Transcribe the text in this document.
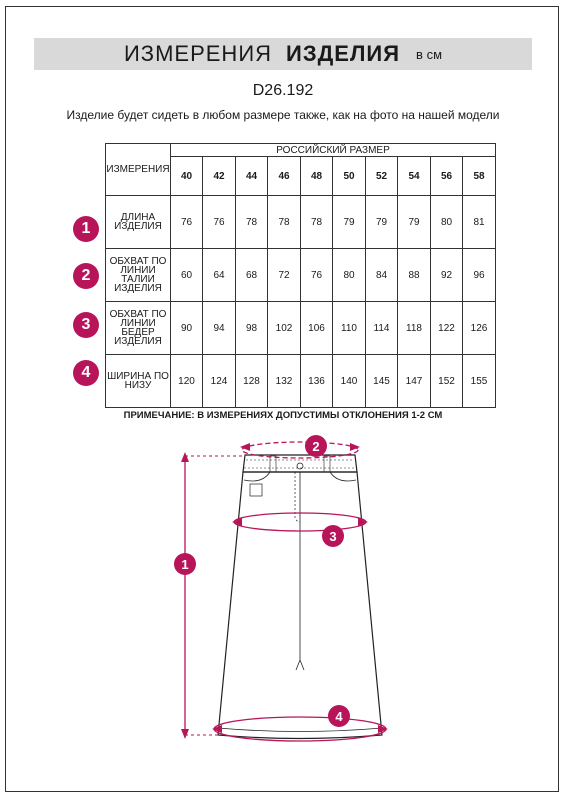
ИЗМЕРЕНИЯ ИЗДЕЛИЯ в см
D26.192
Изделие будет сидеть в любом размере также, как на фото на нашей модели
ИЗМЕРЕНИЯ	РОССИЙСКИЙ РАЗМЕР									
	40	42	44	46	48	50	52	54	56	58
ДЛИНА ИЗДЕЛИЯ	76	76	78	78	78	79	79	79	80	81
ОБХВАТ ПО ЛИНИИ ТАЛИИ ИЗДЕЛИЯ	60	64	68	72	76	80	84	88	92	96
ОБХВАТ ПО ЛИНИИ БЕДЕР ИЗДЕЛИЯ	90	94	98	102	106	110	114	118	122	126
ШИРИНА ПО НИЗУ	120	124	128	132	136	140	145	147	152	155
1
2
3
4
ПРИМЕЧАНИЕ: В ИЗМЕРЕНИЯХ ДОПУСТИМЫ ОТКЛОНЕНИЯ 1-2 СМ
1
2
3
4
